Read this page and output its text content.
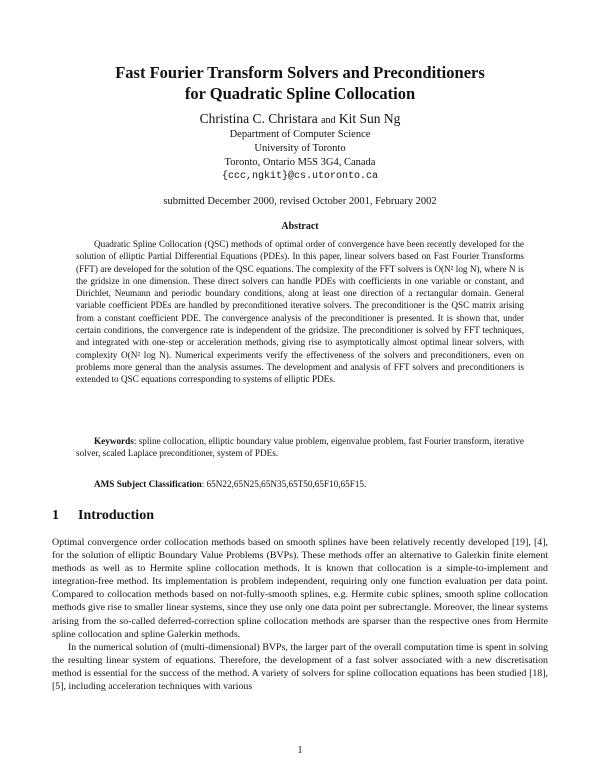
Fast Fourier Transform Solvers and Preconditioners
for Quadratic Spline Collocation
Christina C. Christara and Kit Sun Ng
Department of Computer Science
University of Toronto
Toronto, Ontario M5S 3G4, Canada
{ccc,ngkit}@cs.utoronto.ca
submitted December 2000, revised October 2001, February 2002
Abstract
Quadratic Spline Collocation (QSC) methods of optimal order of convergence have been recently developed for the solution of elliptic Partial Differential Equations (PDEs). In this paper, linear solvers based on Fast Fourier Transforms (FFT) are developed for the solution of the QSC equations. The complexity of the FFT solvers is O(N² log N), where N is the gridsize in one dimension. These direct solvers can handle PDEs with coefficients in one variable or constant, and Dirichlet, Neumann and periodic boundary conditions, along at least one direction of a rectangular domain. General variable coefficient PDEs are handled by preconditioned iterative solvers. The preconditioner is the QSC matrix arising from a constant coefficient PDE. The convergence analysis of the preconditioner is presented. It is shown that, under certain conditions, the convergence rate is independent of the gridsize. The preconditioner is solved by FFT techniques, and integrated with one-step or acceleration methods, giving rise to asymptotically almost optimal linear solvers, with complexity O(N² log N). Numerical experiments verify the effectiveness of the solvers and preconditioners, even on problems more general than the analysis assumes. The development and analysis of FFT solvers and preconditioners is extended to QSC equations corresponding to systems of elliptic PDEs.
Keywords: spline collocation, elliptic boundary value problem, eigenvalue problem, fast Fourier transform, iterative solver, scaled Laplace preconditioner, system of PDEs.
AMS Subject Classification: 65N22,65N25,65N35,65T50,65F10,65F15.
1 Introduction

Optimal convergence order collocation methods based on smooth splines have been relatively recently developed [19], [4], for the solution of elliptic Boundary Value Problems (BVPs). These methods offer an alternative to Galerkin finite element methods as well as to Hermite spline collocation methods. It is known that collocation is a simple-to-implement and integration-free method. Its implementation is problem independent, requiring only one function evaluation per data point. Compared to collocation methods based on not-fully-smooth splines, e.g. Hermite cubic splines, smooth spline collocation methods give rise to smaller linear systems, since they use only one data point per subrectangle. Moreover, the linear systems arising from the so-called deferred-correction spline collocation methods are sparser than the respective ones from Hermite spline collocation and spline Galerkin methods.

In the numerical solution of (multi-dimensional) BVPs, the larger part of the overall computation time is spent in solving the resulting linear system of equations. Therefore, the development of a fast solver associated with a new discretisation method is essential for the success of the method. A variety of solvers for spline collocation equations has been studied [18], [5], including acceleration techniques with various

1
